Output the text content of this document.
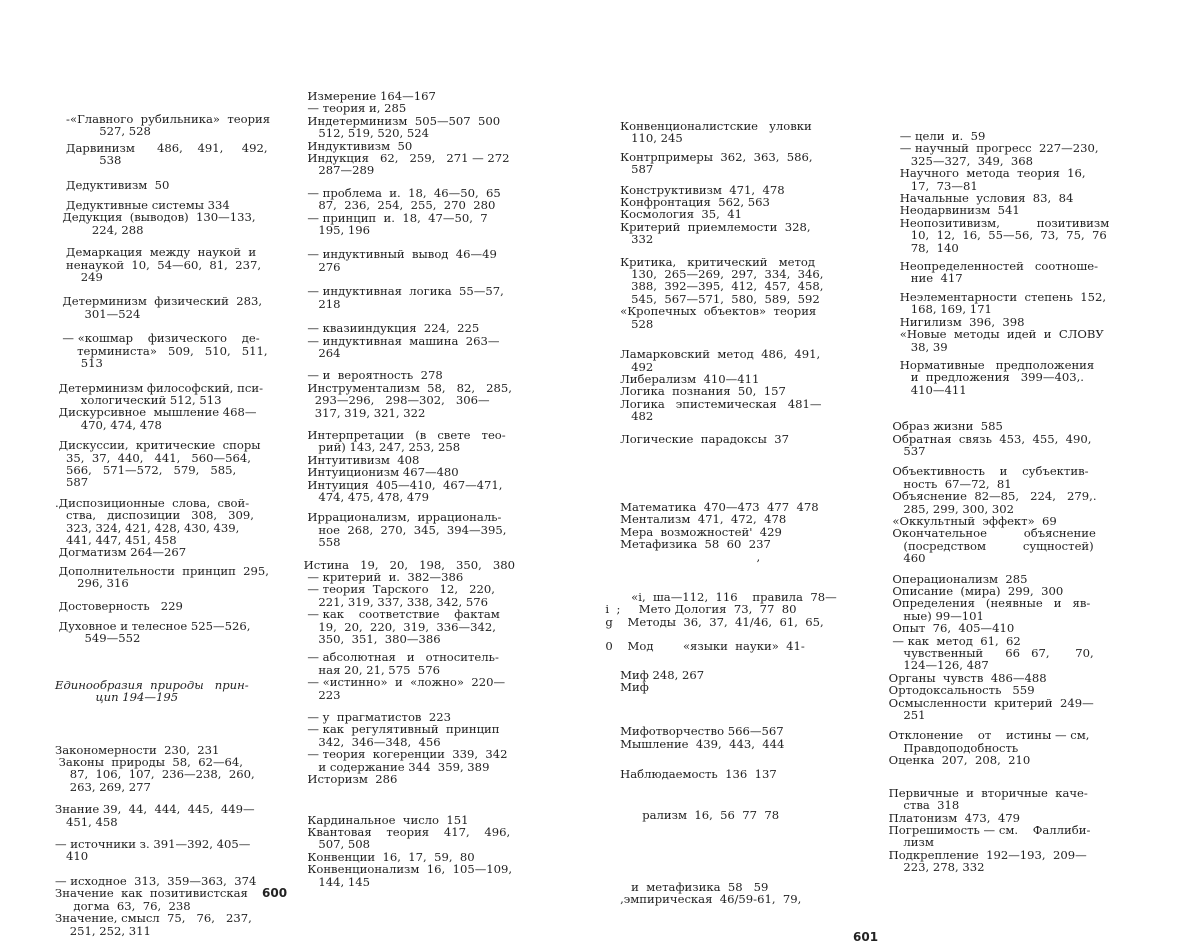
-«Главного  рубильника»  теория
527, 528
Дарвинизм      486,    491,     492,
538
Дедуктивизм  50
Дедуктивные системы 334
Дедукция  (выводов)  130—133,
224, 288
Демаркация  между  наукой  и
ненаукой  10,  54—60,  81,  237,
249
Детерминизм  физический  283,
301—524
— «кошмар    физического    де-
терминиста»   509,   510,   511,
513
Детерминизм философский, пси-
хологический 512, 513
Дискурсивное  мышление 468—
470, 474, 478
Дискуссии,  критические  споры
35,  37,  440,   441,   560—564,
566,   571—572,   579,   585,
587
.Диспозиционные  слова,  свой-
ства,   диспозиции   308,   309,
323, 324, 421, 428, 430, 439,
441, 447, 451, 458
Догматизм 264—267
Дополнительности  принцип  295,
296, 316
Достоверность   229
Духовное и телесное 525—526,
549—552
Единообразия  природы   прин-
цип 194—195
Закономерности  230,  231
Законы  природы  58,  62—64,
87,  106,  107,  236—238,  260,
263, 269, 277
Знание 39,  44,  444,  445,  449—
451, 458
— источники з. 391—392, 405—
410
— исходное  313,  359—363,  374
Значение  как  позитивистская
догма  63,  76,  238
Значение, смысл  75,   76,   237,
251, 252, 311
Измерение 164—167
— теория и, 285
Индетерминизм  505—507  500
512, 519, 520, 524
Индуктивизм  50
Индукция   62,   259,   271 — 272
287—289
— проблема  и.  18,  46—50,  65
87,  236,  254,  255,  270  280
— принцип  и.  18,  47—50,  7
195, 196
— индуктивный  вывод  46—49
276
— индуктивная  логика  55—57,
218
— квазииндукция  224,  225
— индуктивная  машина  263—
264
— и  вероятность  278
Инструментализм  58,   82,   285,
293—296,   298—302,   306—
317, 319, 321, 322
Интерпретации   (в   свете   тео-
рий) 143, 247, 253, 258
Интуитивизм  408
Интуиционизм 467—480
Интуиция  405—410,  467—471,
474, 475, 478, 479
Иррационализм,  иррациональ-
ное  268,  270,  345,  394—395,
558
Истина   19,   20,   198,   350,   380
— критерий  и.  382—386
— теория  Тарского   12,   220,
221, 319, 337, 338, 342, 576
— как    соответствие    фактам
19,  20,  220,  319,  336—342,
350,  351,  380—386
— абсолютная   и   относитель-
ная 20, 21, 575  576
— «истинно»  и  «ложно»  220—
223
— у  прагматистов  223
— как  регулятивный  принцип
342,  346—348,  456
— теория  когеренции  339,  342
и содержание 344  359, 389
Историзм  286
Кардинальное  число  151
Квантовая    теория    417,    496,
507, 508
Конвенции  16,  17,  59,  80
Конвенционализм  16,  105—109,
144, 145
Конвенционалистские   уловки
110, 245
Контрпримеры  362,  363,  586,
587
Конструктивизм  471,  478
Конфронтация  562, 563
Космология  35,  41
Критерий  приемлемости  328,
332
Критика,   критический   метод
130,  265—269,  297,  334,  346,
388,  392—395,  412,  457,  458,
545,  567—571,  580,  589,  592
«Кропечных  объектов»  теория
528
Ламарковский  метод  486,  491,
492
Либерализм  410—411
Логика  познания  50,  157
Логика   эпистемическая   481—
482
Логические  парадоксы  37
Математика  470—473  477  478
Ментализм  471,  472,  478
Мера  возможностей'  429
Метафизика  58  60  237
,
«і,  ша—112,  116    правила  78—
і  ;     Мето Дология  73,  77  80
g    Методы  36,  37,  41/46,  61,  65,
0    Мод        «языки  науки»  41-
Миф 248, 267
Миф
Мифотворчество 566—567
Мышление  439,  443,  444
Наблюдаемость  136  137
рализм  16,  56  77  78
и  метафизика  58   59
,эмпирическая  46/59-61,  79,
— цели  и.  59
— научный  прогресс  227—230,
325—327,  349,  368
Научного  метода  теория  16,
17,  73—81
Начальные  условия  83,  84
Неодарвинизм  541
Неопозитивизм,          позитивизм
10,  12,  16,  55—56,  73,  75,  76
78,  140
Неопределенностей   соотноше-
ние  417
Неэлементарности  степень  152,
168, 169, 171
Нигилизм  396,  398
«Новые  методы  идей  и  СЛОВУ
38, 39
Нормативные   предположения
и  предложения   399—403,.
410—411
Образ жизни  585
Обратная  связь  453,  455,  490,
537
Объективность    и    субъектив-
ность  67—72,  81
Объяснение  82—85,   224,   279,.
285, 299, 300, 302
«Оккультный  эффект»  69
Окончательное          объяснение
(посредством          сущностей)
460
Операционализм  285
Описание  (мира)  299,  300
Определения   (неявные   и   яв-
ные) 99—101
Опыт  76,  405—410
— как  метод  61,  62
чувственный      66   67,       70,
124—126, 487
Органы  чувств  486—488
Ортодоксальность   559
Осмысленности  критерий  249—
251
Отклонение    от    истины — см,
Правдоподобность
Оценка  207,  208,  210
Первичные  и  вторичные  каче-
ства  318
Платонизм  473,  479
Погрешимость — см.    Фаллиби-
лизм
Подкрепление  192—193,  209—
223, 278, 332
600
601
